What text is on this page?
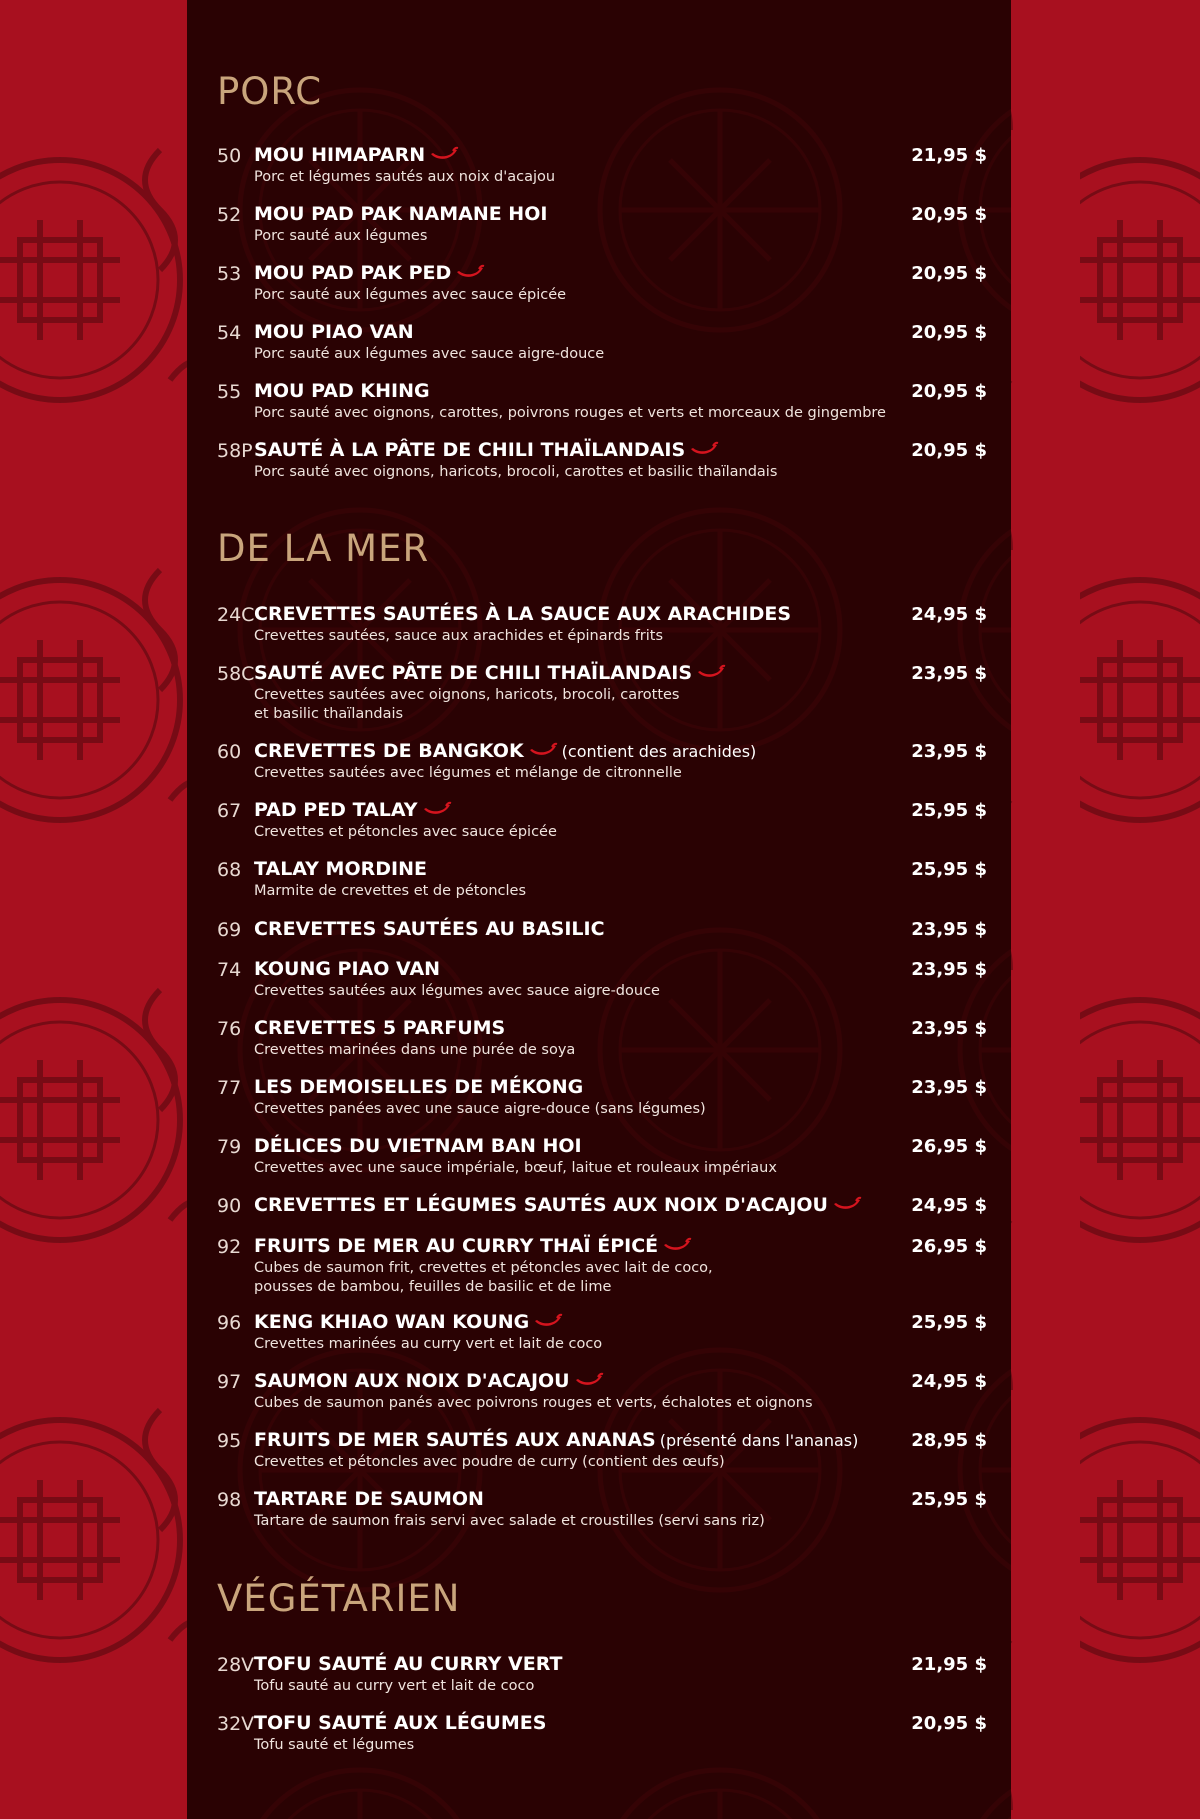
PORC
50 MOU HIMAPARN	21,95 $
Porc et légumes sautés aux noix d'acajou
52 MOU PAD PAK NAMANE HOI	20,95 $
Porc sauté aux légumes
53 MOU PAD PAK PED	20,95 $
Porc sauté aux légumes avec sauce épicée
54 MOU PIAO VAN	20,95 $
Porc sauté aux légumes avec sauce aigre-douce
55 MOU PAD KHING	20,95 $
Porc sauté avec oignons, carottes, poivrons rouges et verts et morceaux de gingembre
58P SAUTÉ À LA PÂTE DE CHILI THAÏLANDAIS	20,95 $
Porc sauté avec oignons, haricots, brocoli, carottes et basilic thaïlandais
DE LA MER
24C CREVETTES SAUTÉES À LA SAUCE AUX ARACHIDES	24,95 $
Crevettes sautées, sauce aux arachides et épinards frits
58C SAUTÉ AVEC PÂTE DE CHILI THAÏLANDAIS	23,95 $
Crevettes sautées avec oignons, haricots, brocoli, carottes
et basilic thaïlandais
60 CREVETTES DE BANGKOK (contient des arachides)	23,95 $
Crevettes sautées avec légumes et mélange de citronnelle
67 PAD PED TALAY	25,95 $
Crevettes et pétoncles avec sauce épicée
68 TALAY MORDINE	25,95 $
Marmite de crevettes et de pétoncles
69 CREVETTES SAUTÉES AU BASILIC	23,95 $
74 KOUNG PIAO VAN	23,95 $
Crevettes sautées aux légumes avec sauce aigre-douce
76 CREVETTES 5 PARFUMS	23,95 $
Crevettes marinées dans une purée de soya
77 LES DEMOISELLES DE MÉKONG	23,95 $
Crevettes panées avec une sauce aigre-douce (sans légumes)
79 DÉLICES DU VIETNAM BAN HOI	26,95 $
Crevettes avec une sauce impériale, bœuf, laitue et rouleaux impériaux
90 CREVETTES ET LÉGUMES SAUTÉS AUX NOIX D'ACAJOU	24,95 $
92 FRUITS DE MER AU CURRY THAÏ ÉPICÉ	26,95 $
Cubes de saumon frit, crevettes et pétoncles avec lait de coco,
pousses de bambou, feuilles de basilic et de lime
96 KENG KHIAO WAN KOUNG	25,95 $
Crevettes marinées au curry vert et lait de coco
97 SAUMON AUX NOIX D'ACAJOU	24,95 $
Cubes de saumon panés avec poivrons rouges et verts, échalotes et oignons
95 FRUITS DE MER SAUTÉS AUX ANANAS (présenté dans l'ananas)	28,95 $
Crevettes et pétoncles avec poudre de curry (contient des œufs)
98 TARTARE DE SAUMON	25,95 $
Tartare de saumon frais servi avec salade et croustilles (servi sans riz)
VÉGÉTARIEN
28V TOFU SAUTÉ AU CURRY VERT	21,95 $
Tofu sauté au curry vert et lait de coco
32V TOFU SAUTÉ AUX LÉGUMES	20,95 $
Tofu sauté et légumes
